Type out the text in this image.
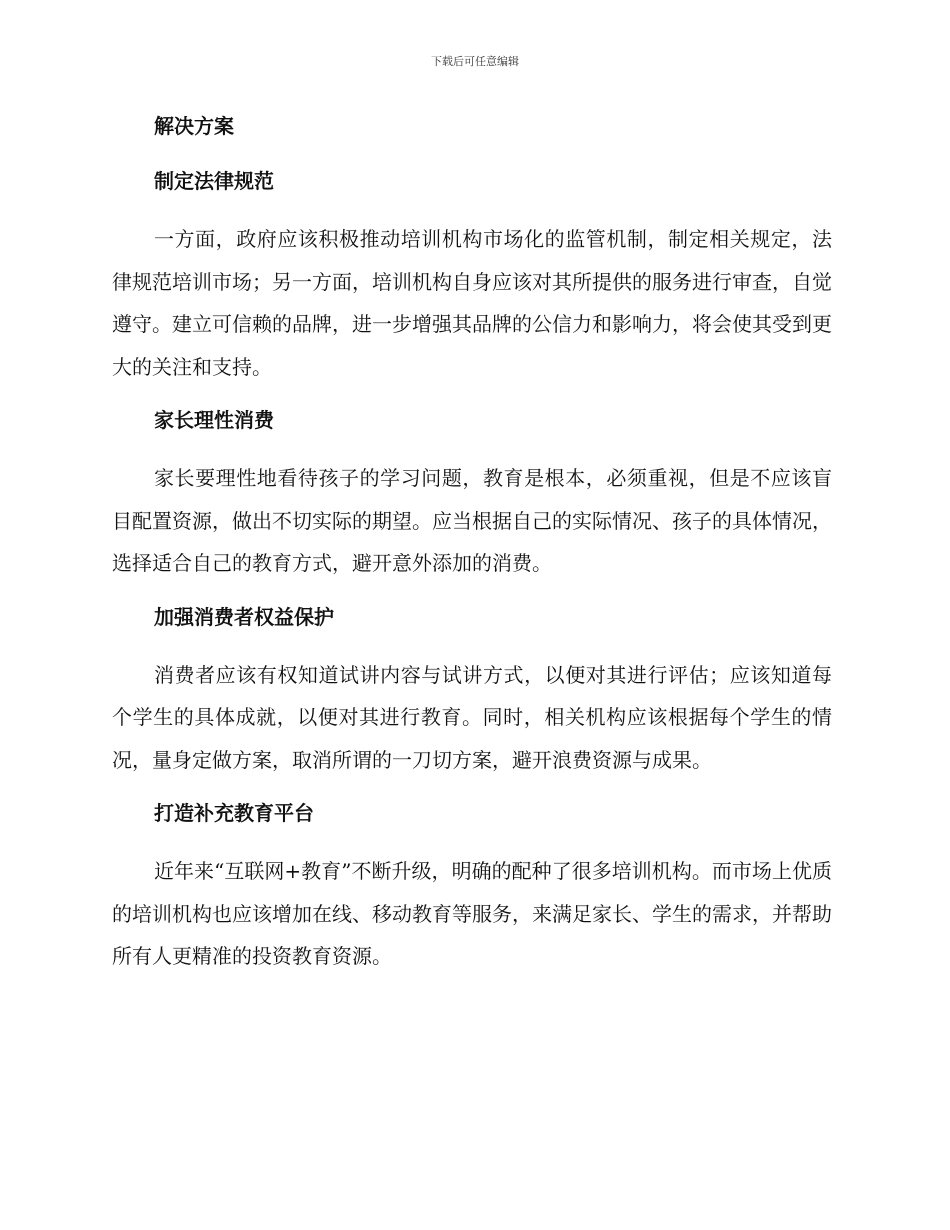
下载后可任意编辑
解决方案
制定法律规范
一方面，政府应该积极推动培训机构市场化的监管机制，制定相关规定，法律规范培训市场；另一方面，培训机构自身应该对其所提供的服务进行审查，自觉遵守。建立可信赖的品牌，进一步增强其品牌的公信力和影响力，将会使其受到更大的关注和支持。
家长理性消费
家长要理性地看待孩子的学习问题，教育是根本，必须重视，但是不应该盲目配置资源，做出不切实际的期望。应当根据自己的实际情况、孩子的具体情况，选择适合自己的教育方式，避开意外添加的消费。
加强消费者权益保护
消费者应该有权知道试讲内容与试讲方式，以便对其进行评估；应该知道每个学生的具体成就，以便对其进行教育。同时，相关机构应该根据每个学生的情况，量身定做方案，取消所谓的一刀切方案，避开浪费资源与成果。
打造补充教育平台
近年来“互联网+教育”不断升级，明确的配种了很多培训机构。而市场上优质的培训机构也应该增加在线、移动教育等服务，来满足家长、学生的需求，并帮助所有人更精准的投资教育资源。
